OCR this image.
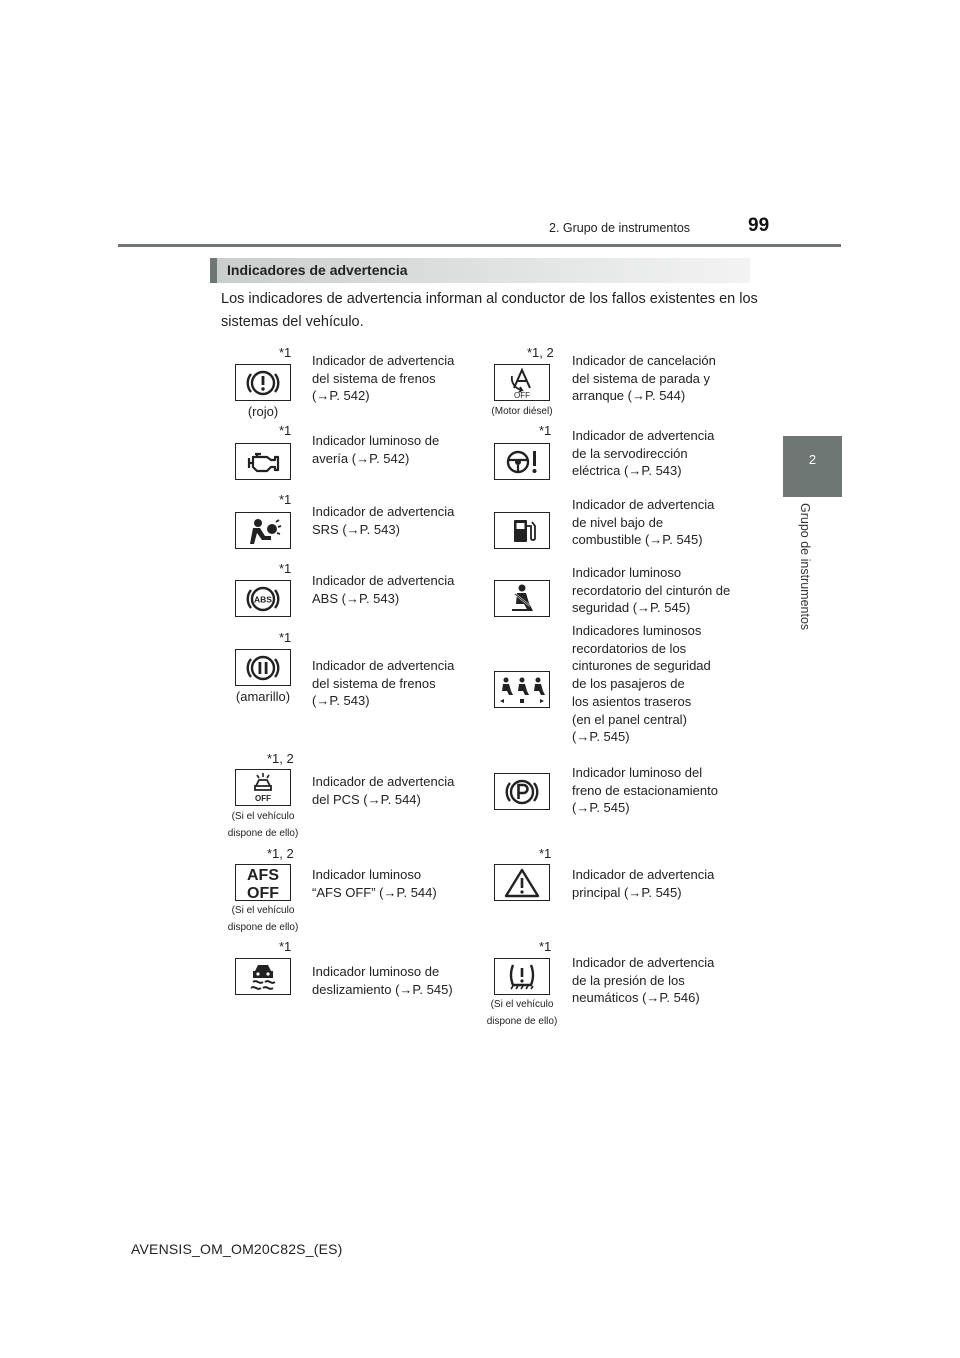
2. Grupo de instrumentos	99
2
Grupo de instrumentos
Indicadores de advertencia
Los indicadores de advertencia informan al conductor de los fallos existentes en los sistemas del vehículo.
*1
(rojo)
Indicador de advertencia
del sistema de frenos
(→P. 542)
*1
Indicador luminoso de
avería (→P. 542)
*1
Indicador de advertencia
SRS (→P. 543)
*1
ABS
Indicador de advertencia
ABS (→P. 543)
*1
(amarillo)
Indicador de advertencia
del sistema de frenos
(→P. 543)
*1, 2
OFF
(Si el vehículo
dispone de ello)
Indicador de advertencia
del PCS (→P. 544)
*1, 2
AFS
OFF
(Si el vehículo
dispone de ello)
Indicador luminoso
“AFS OFF” (→P. 544)
*1
Indicador luminoso de
deslizamiento (→P. 545)
*1, 2
OFF
(Motor diésel)
Indicador de cancelación
del sistema de parada y
arranque (→P. 544)
*1 Indicador de advertencia
de la servodirección
eléctrica (→P. 543)
Indicador de advertencia
de nivel bajo de
combustible (→P. 545)
Indicador luminoso
recordatorio del cinturón de
seguridad (→P. 545)
Indicadores luminosos
recordatorios de los
cinturones de seguridad
de los pasajeros de
los asientos traseros
(en el panel central)
(→P. 545)
Indicador luminoso del
freno de estacionamiento
(→P. 545)
*1
Indicador de advertencia
principal (→P. 545)
*1
(Si el vehículo
dispone de ello)
Indicador de advertencia
de la presión de los
neumáticos (→P. 546)
AVENSIS_OM_OM20C82S_(ES)
